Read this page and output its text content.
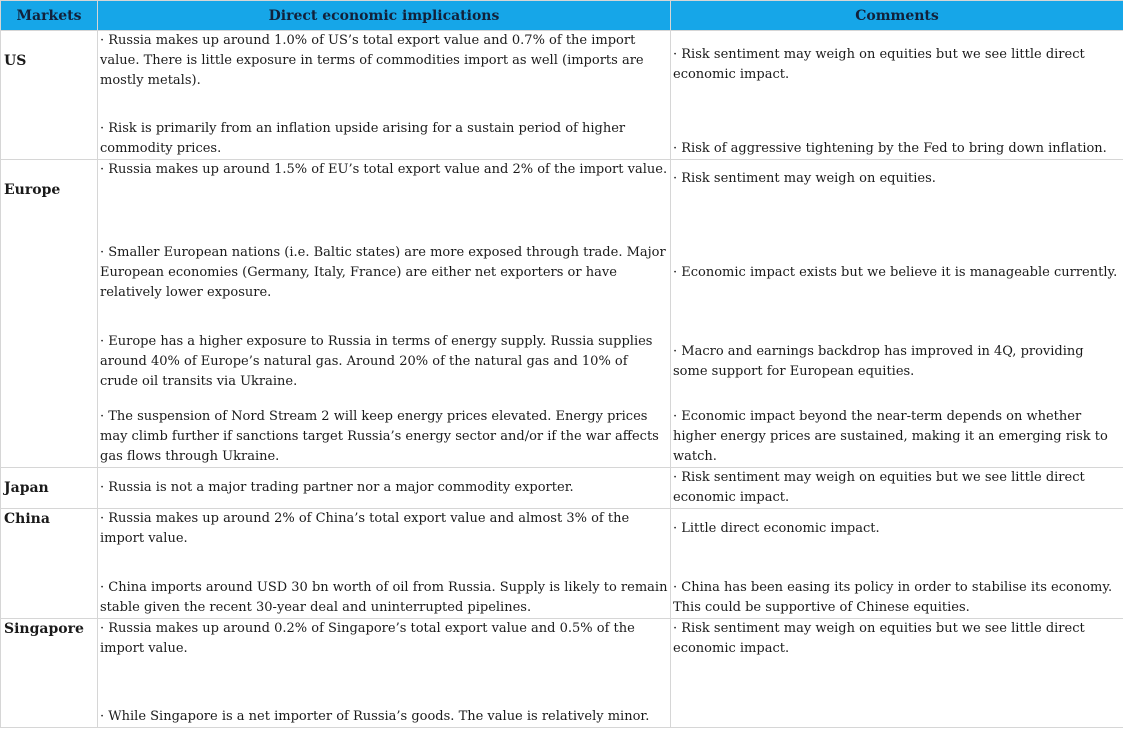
Markets	Direct economic implications	Comments
US	· Russia makes up around 1.0% of US’s total export value and 0.7% of the import value. There is little exposure in terms of commodities import as well (imports are mostly metals).	· Risk sentiment may weigh on equities but we see little direct economic impact.
	· Risk is primarily from an inflation upside arising for a sustain period of higher commodity prices.	· Risk of aggressive tightening by the Fed to bring down inflation.
Europe	· Russia makes up around 1.5% of EU’s total export value and 2% of the import value.	· Risk sentiment may weigh on equities.
	· Smaller European nations (i.e. Baltic states) are more exposed through trade. Major European economies (Germany, Italy, France) are either net exporters or have relatively lower exposure.	· Economic impact exists but we believe it is manageable currently.
	· Europe has a higher exposure to Russia in terms of energy supply. Russia supplies around 40% of Europe’s natural gas. Around 20% of the natural gas and 10% of crude oil transits via Ukraine.	· Macro and earnings backdrop has improved in 4Q, providing some support for European equities.
	· The suspension of Nord Stream 2 will keep energy prices elevated. Energy prices may climb further if sanctions target Russia’s energy sector and/or if the war affects gas flows through Ukraine.	· Economic impact beyond the near-term depends on whether higher energy prices are sustained, making it an emerging risk to watch.
Japan	· Russia is not a major trading partner nor a major commodity exporter.	· Risk sentiment may weigh on equities but we see little direct economic impact.

China	· Russia makes up around 2% of China’s total export value and almost 3% of the import value.	· Little direct economic impact.
	· China imports around USD 30 bn worth of oil from Russia. Supply is likely to remain stable given the recent 30-year deal and uninterrupted pipelines.	· China has been easing its policy in order to stabilise its economy. This could be supportive of Chinese equities.

Singapore	· Russia makes up around 0.2% of Singapore’s total export value and 0.5% of the import value.	· Risk sentiment may weigh on equities but we see little direct economic impact.
	· While Singapore is a net importer of Russia’s goods. The value is relatively minor.	
